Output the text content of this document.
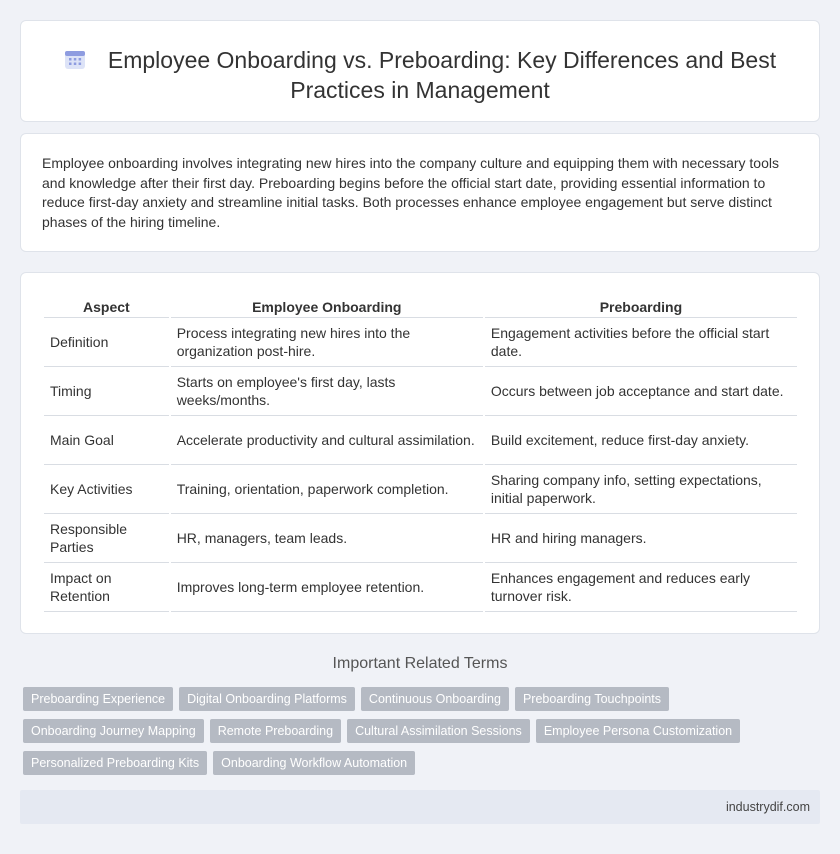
Employee Onboarding vs. Preboarding: Key Differences and Best Practices in Management

Employee onboarding involves integrating new hires into the company culture and equipping them with necessary tools and knowledge after their first day. Preboarding begins before the official start date, providing essential information to reduce first-day anxiety and streamline initial tasks. Both processes enhance employee engagement but serve distinct phases of the hiring timeline.

Aspect	Employee Onboarding	Preboarding
Definition	Process integrating new hires into the organization post-hire.	Engagement activities before the official start date.
Timing	Starts on employee's first day, lasts weeks/months.	Occurs between job acceptance and start date.
Main Goal	Accelerate productivity and cultural assimilation.	Build excitement, reduce first-day anxiety.
Key Activities	Training, orientation, paperwork completion.	Sharing company info, setting expectations, initial paperwork.
Responsible Parties	HR, managers, team leads.	HR and hiring managers.
Impact on Retention	Improves long-term employee retention.	Enhances engagement and reduces early turnover risk.
Important Related Terms
Preboarding Experience	Digital Onboarding Platforms	Continuous Onboarding	Preboarding Touchpoints
Onboarding Journey Mapping	Remote Preboarding	Cultural Assimilation Sessions	Employee Persona Customization
Personalized Preboarding Kits	Onboarding Workflow Automation
industrydif.com
